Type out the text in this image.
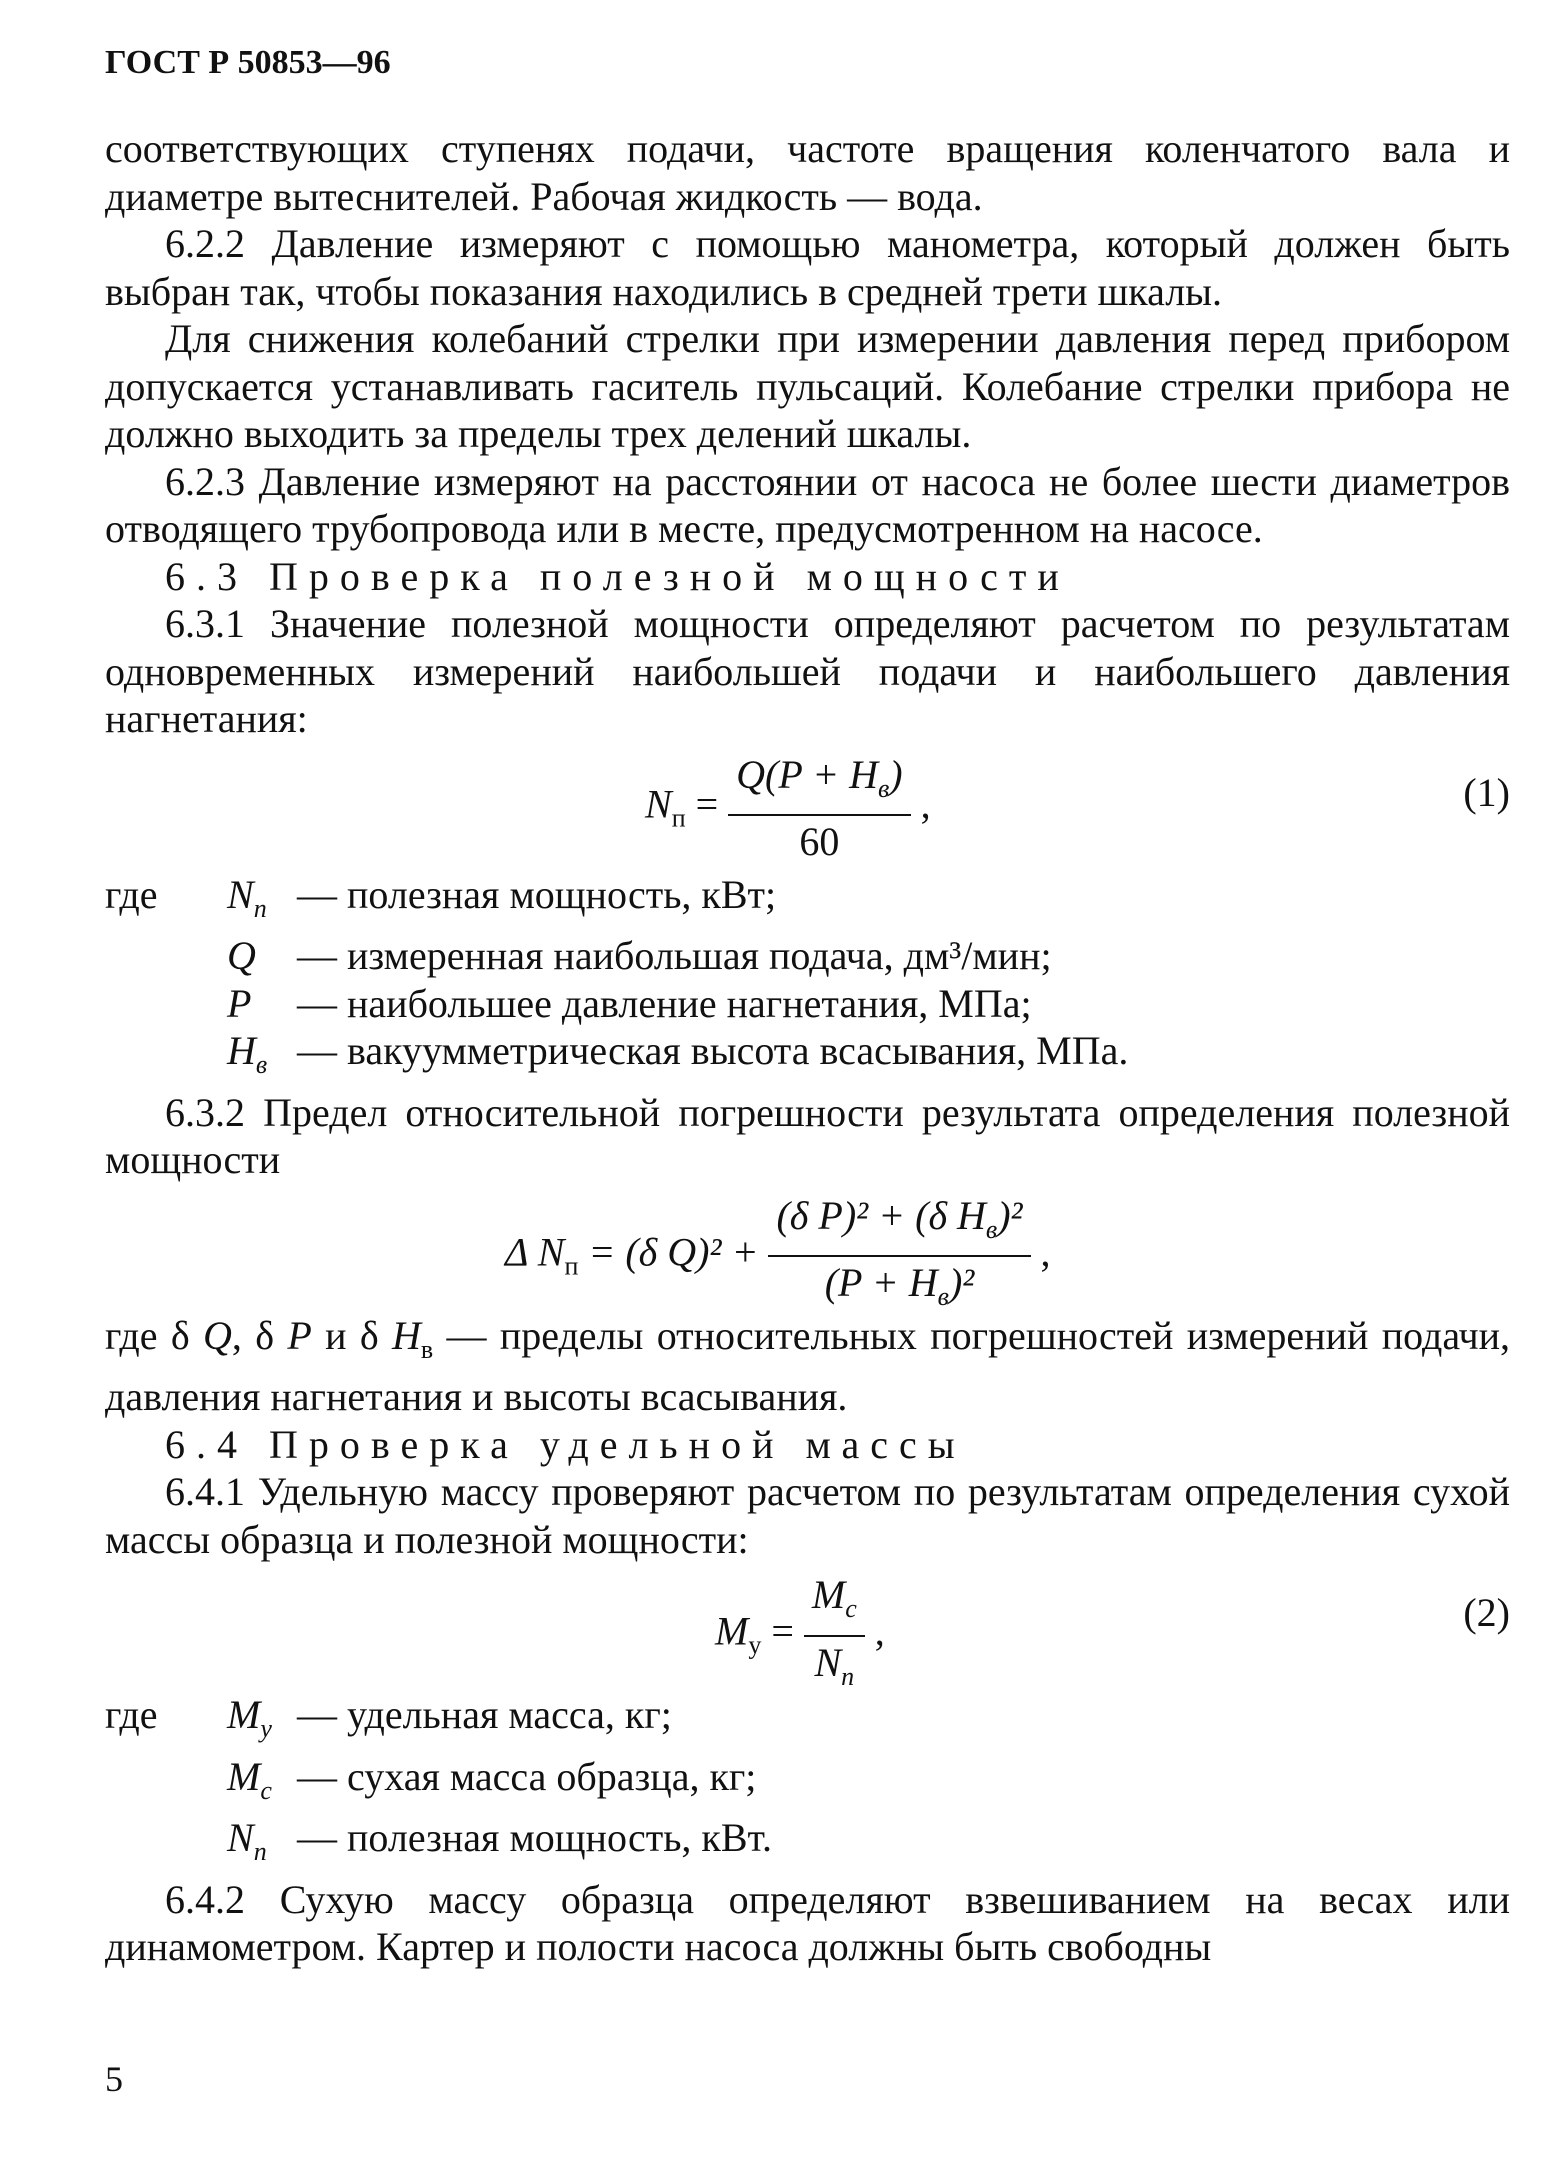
ГОСТ Р 50853—96

соответствующих ступенях подачи, частоте вращения коленчатого вала и диаметре вытеснителей. Рабочая жидкость — вода.

6.2.2 Давление измеряют с помощью манометра, который должен быть выбран так, чтобы показания находились в средней трети шкалы.

Для снижения колебаний стрелки при измерении давления перед прибором допускается устанавливать гаситель пульсаций. Колебание стрелки прибора не должно выходить за пределы трех делений шкалы.

6.2.3 Давление измеряют на расстоянии от насоса не более шести диаметров отводящего трубопровода или в месте, предусмотренном на насосе.

6.3 Проверка полезной мощности

6.3.1 Значение полезной мощности определяют расчетом по результатам одновременных измерений наибольшей подачи и наибольшего давления нагнетания:

$N_п = \frac{Q(P + H_в)}{60}$ ,	(1)
где	$N_п$ — полезная мощность, кВт;
Q	— измеренная наибольшая подача, дм³/мин;
P	— наибольшее давление нагнетания, МПа;
$H_в$ — вакуумметрическая высота всасывания, МПа.

6.3.2 Предел относительной погрешности результата определения полезной мощности

Δ $N_п = (\delta$ $Q)^2 + \frac{(\delta P)^2 + (\delta H_в)^2}{(P + H_в)^2}$ ,

где δ Q, δ P и δ $H_в$ — пределы относительных погрешностей измерений подачи, давления нагнетания и высоты всасывания.

6.4 Проверка удельной массы

6.4.1 Удельную массу проверяют расчетом по результатам определения сухой массы образца и полезной мощности:

$M_у = \frac{M_с}{N_п}$ ,	(2)
где	$M_у$ — удельная масса, кг;
$M_с$ — сухая масса образца, кг;
$N_п$ — полезная мощность, кВт.

6.4.2 Сухую массу образца определяют взвешиванием на весах или динамометром. Картер и полости насоса должны быть свободны

5
